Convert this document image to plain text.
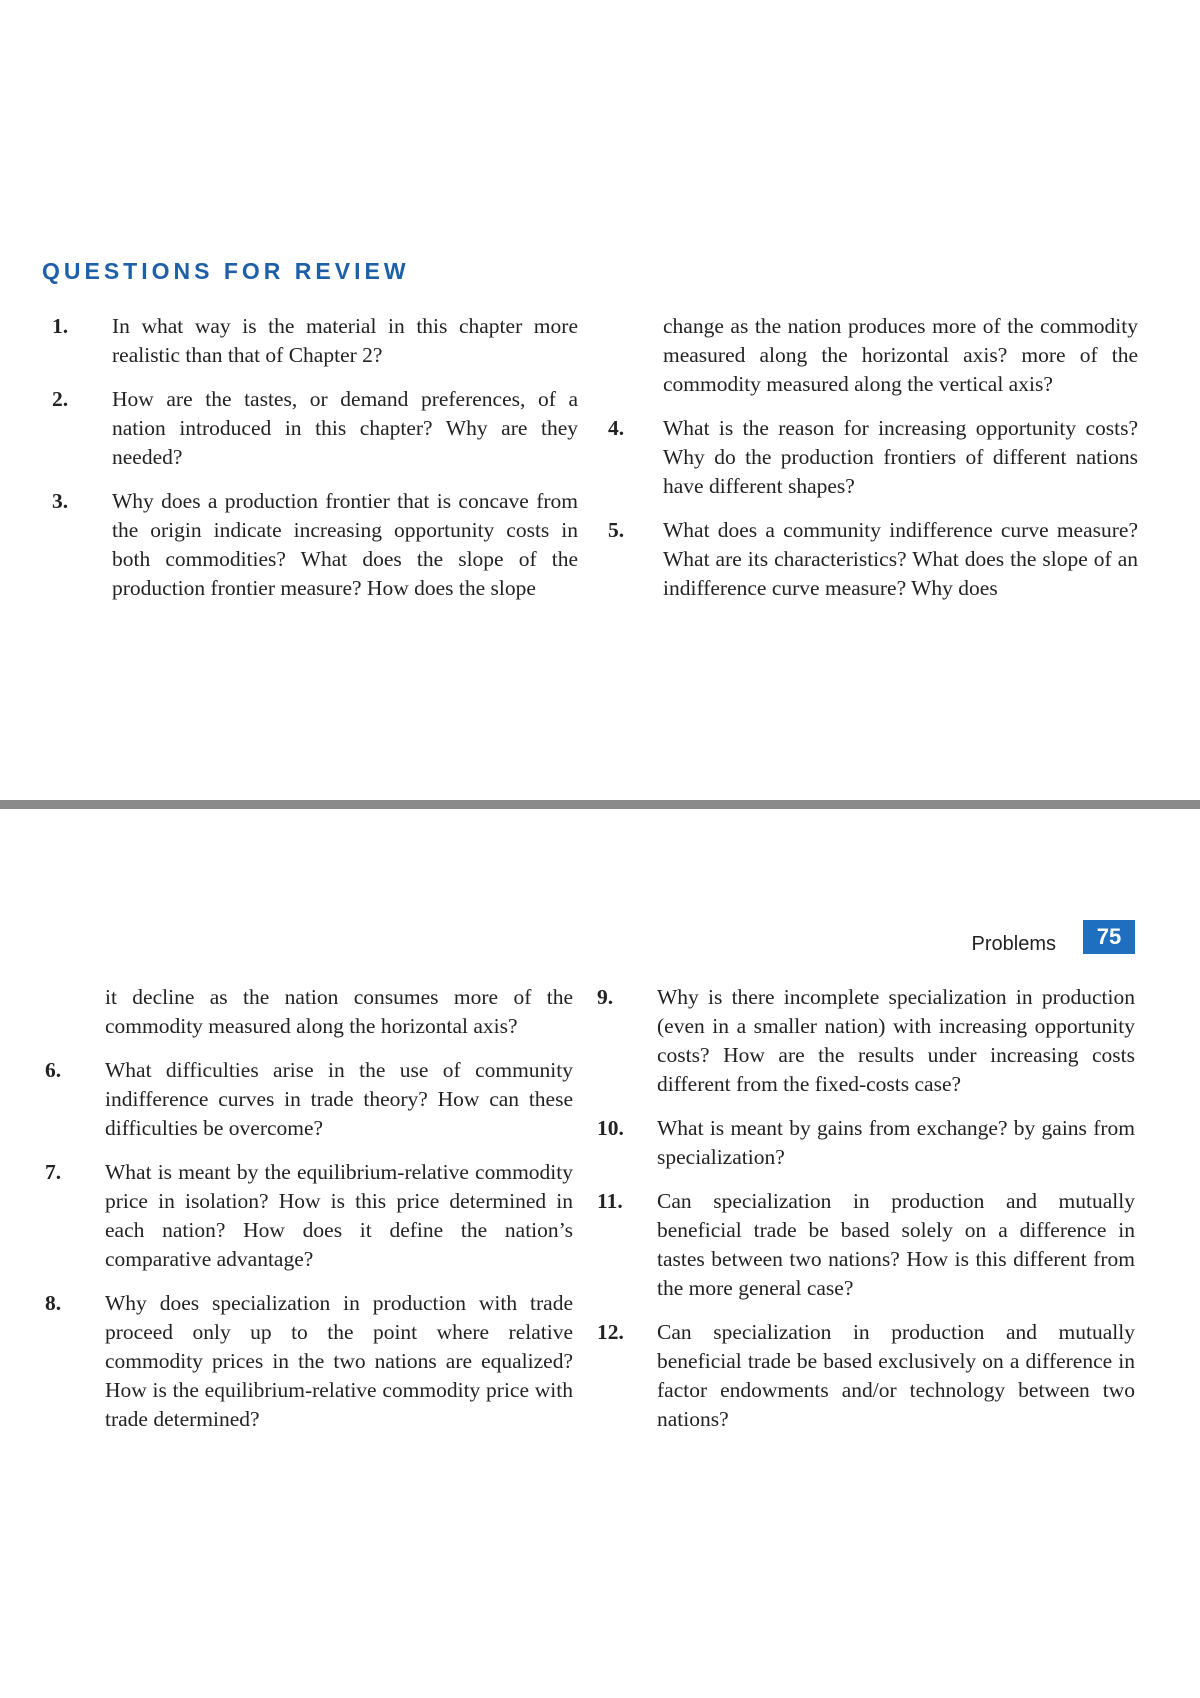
QUESTIONS FOR REVIEW
1.	In what way is the material in this chapter more realistic than that of Chapter 2?
2.	How are the tastes, or demand preferences, of a nation introduced in this chapter? Why are they needed?
3.	Why does a production frontier that is concave from the origin indicate increasing opportunity costs in both commodities? What does the slope of the production frontier measure? How does the slope
change as the nation produces more of the commodity measured along the horizontal axis? more of the commodity measured along the vertical axis?
4.	What is the reason for increasing opportunity costs? Why do the production frontiers of different nations have different shapes?
5.	What does a community indifference curve measure? What are its characteristics? What does the slope of an indifference curve measure? Why does
Problems	75
it decline as the nation consumes more of the commodity measured along the horizontal axis?
6.	What difficulties arise in the use of community indifference curves in trade theory? How can these difficulties be overcome?
7.	What is meant by the equilibrium-relative commodity price in isolation? How is this price determined in each nation? How does it define the nation’s comparative advantage?
8.	Why does specialization in production with trade proceed only up to the point where relative commodity prices in the two nations are equalized? How is the equilibrium-relative commodity price with trade determined?
9.	Why is there incomplete specialization in production (even in a smaller nation) with increasing opportunity costs? How are the results under increasing costs different from the fixed-costs case?
10.	What is meant by gains from exchange? by gains from specialization?
11.	Can specialization in production and mutually beneficial trade be based solely on a difference in tastes between two nations? How is this different from the more general case?
12.	Can specialization in production and mutually beneficial trade be based exclusively on a difference in factor endowments and/or technology between two nations?
